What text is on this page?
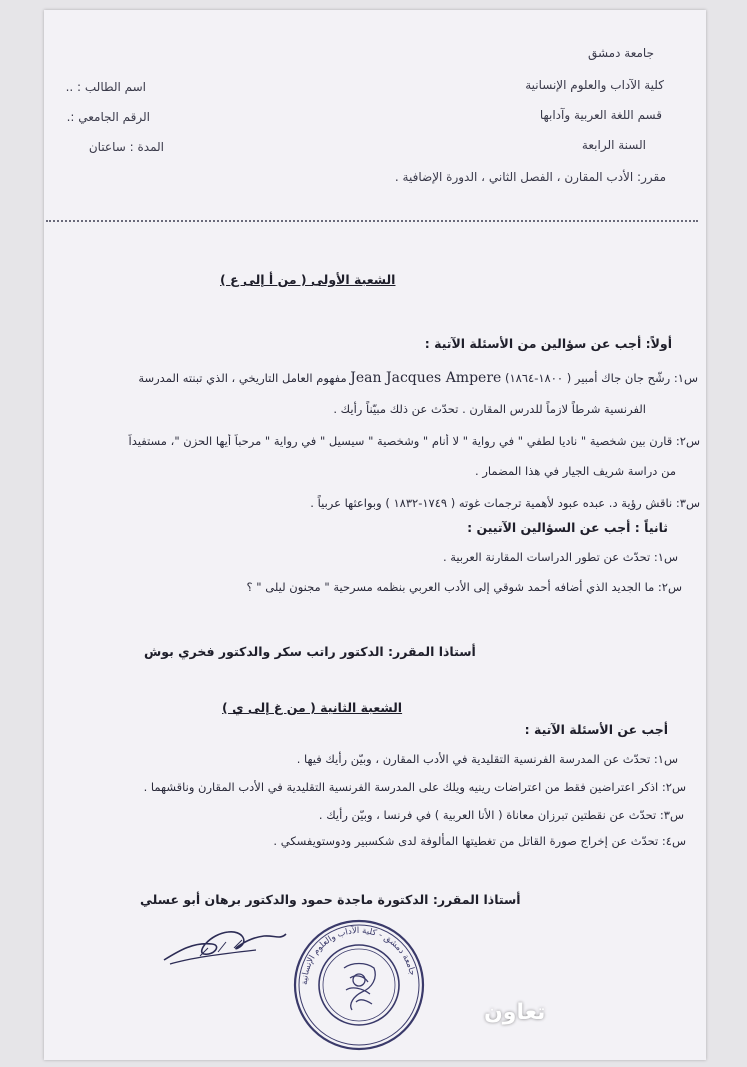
جامعة دمشق
كلية الآداب والعلوم الإنسانية
قسم اللغة العربية وآدابها
السنة الرابعة
مقرر: الأدب المقارن ، الفصل الثاني ، الدورة الإضافية .
اسم الطالب : ..
الرقم الجامعي :.
المدة : ساعتان
الشعبة الأولى ( من أ إلى ع )
أولاً: أجب عن سؤالين من الأسئلة الآتية :
س١: رشّح جان جاك أمبير ( ١٨٠٠-١٨٦٤) Jean Jacques Ampere مفهوم العامل التاريخي ، الذي تبنته المدرسة
الفرنسية شرطاً لازماً للدرس المقارن . تحدّث عن ذلك مبيّناً رأيك .
س٢: قارن بين شخصية " ناديا لطفي " في رواية " لا أنام " وشخصية " سيسيل " في رواية " مرحباً أيها الحزن "، مستفيداً
من دراسة شريف الجيار في هذا المضمار .
س٣: ناقش رؤية د. عبده عبود لأهمية ترجمات غوته ( ١٧٤٩-١٨٣٢ ) وبواعثها عربياً .
ثانياً : أجب عن السؤالين الآتيين :
س١: تحدّث عن تطور الدراسات المقارنة العربية .
س٢: ما الجديد الذي أضافه أحمد شوقي إلى الأدب العربي بنظمه مسرحية " مجنون ليلى " ؟
أستاذا المقرر: الدكتور راتب سكر والدكتور فخري بوش
الشعبة الثانية ( من غ إلى ي )
أجب عن الأسئلة الآتية :
س١: تحدّث عن المدرسة الفرنسية التقليدية في الأدب المقارن ، وبيّن رأيك فيها .
س٢: اذكر اعتراضين فقط من اعتراضات رينيه ويلك على المدرسة الفرنسية التقليدية في الأدب المقارن وناقشهما .
س٣: تحدّث عن نقطتين تبرزان معاناة ( الأنا العربية ) في فرنسا ، وبيّن رأيك .
س٤: تحدّث عن إخراج صورة القاتل من تغطيتها المألوفة لدى شكسبير ودوستويفسكي .
أستاذا المقرر: الدكتورة ماجدة حمود والدكتور برهان أبو عسلي
جامعة دمشق - كلية الآداب والعلوم الإنسانية
تعاون
